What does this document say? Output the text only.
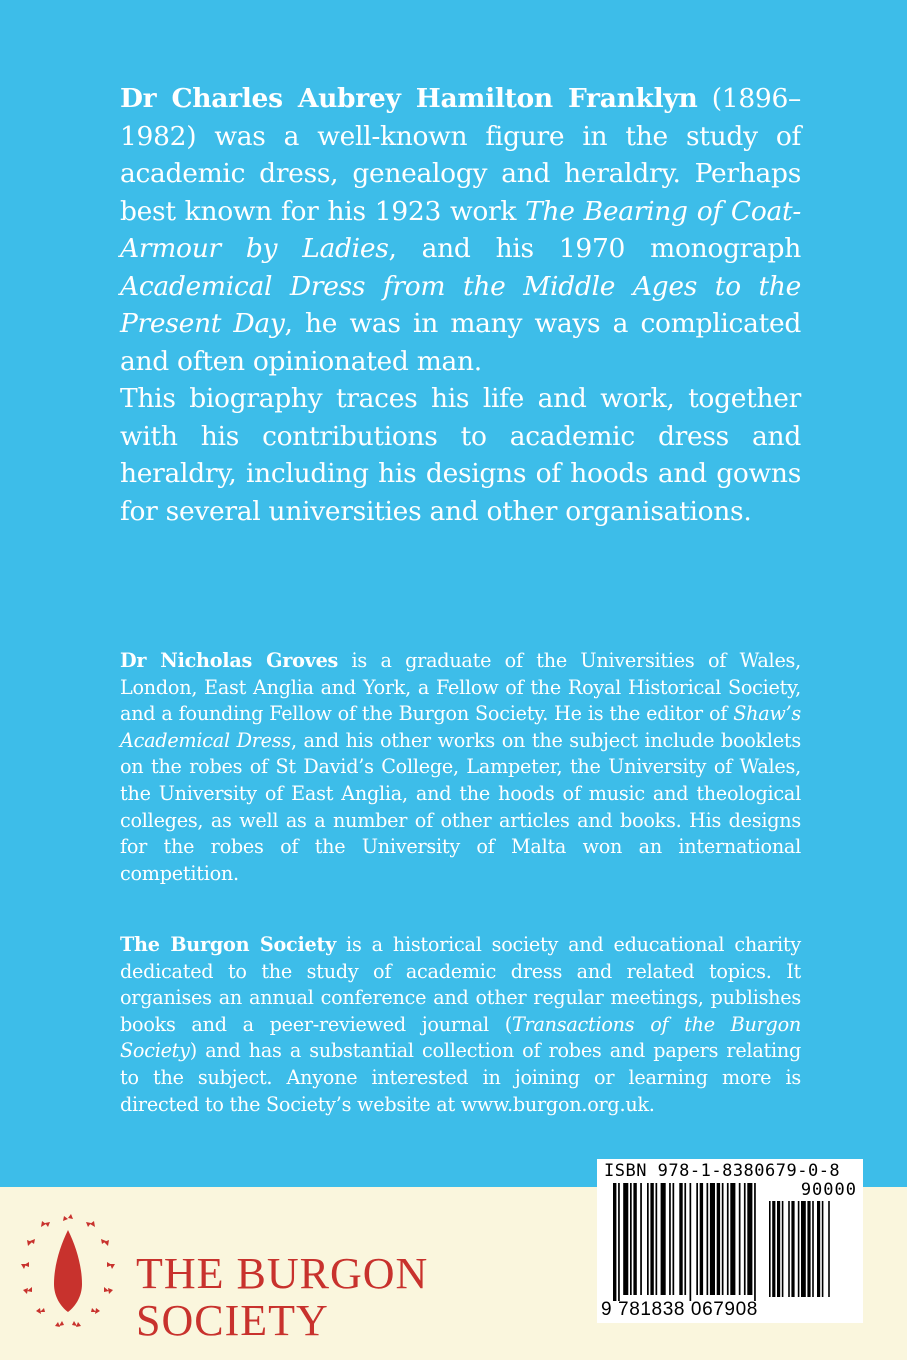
Dr Charles Aubrey Hamilton Franklyn (1896–1982) was a well-known figure in the study of academic dress, genealogy and heraldry. Perhaps best known for his 1923 work The Bearing of Coat-Armour by Ladies, and his 1970 monograph Academical Dress from the Middle Ages to the Present Day, he was in many ways a complicated and often opinionated man.

This biography traces his life and work, together with his contributions to academic dress and heraldry, including his designs of hoods and gowns for several universities and other organisations.

Dr Nicholas Groves is a graduate of the Universities of Wales, London, East Anglia and York, a Fellow of the Royal Historical Society, and a founding Fellow of the Burgon Society. He is the editor of Shaw’s Academical Dress, and his other works on the subject include booklets on the robes of St David’s College, Lampeter, the University of Wales, the University of East Anglia, and the hoods of music and theological colleges, as well as a number of other articles and books. His designs for the robes of the University of Malta won an international competition.

The Burgon Society is a historical society and educational charity dedicated to the study of academic dress and related topics. It organises an annual conference and other regular meetings, publishes books and a peer-reviewed journal (Transactions of the Burgon Society) and has a substantial collection of robes and papers relating to the subject. Anyone interested in joining or learning more is directed to the Society’s website at www.burgon.org.uk.

THE BURGON
SOCIETY
ISBN 978-1-8380679-0-8
90000
9 781838 067908
